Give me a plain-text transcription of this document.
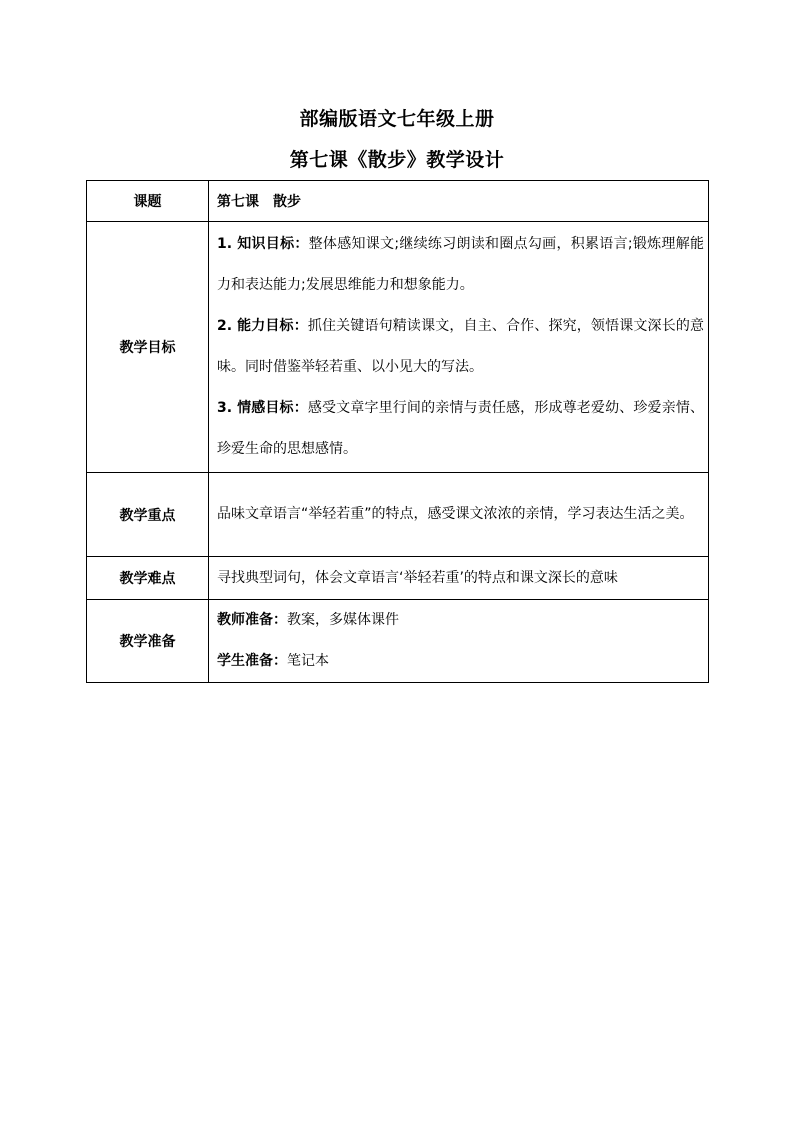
部编版语文七年级上册
第七课《散步》教学设计
课题	第七课　散步
教学目标	1. 知识目标：整体感知课文;继续练习朗读和圈点勾画，积累语言;锻炼理解能力和表达能力;发展思维能力和想象能力。
2. 能力目标：抓住关键语句精读课文，自主、合作、探究，领悟课文深长的意味。同时借鉴举轻若重、以小见大的写法。
3. 情感目标：感受文章字里行间的亲情与责任感，形成尊老爱幼、珍爱亲情、珍爱生命的思想感情。

教学重点	品味文章语言“举轻若重”的特点，感受课文浓浓的亲情，学习表达生活之美。

教学难点	寻找典型词句，体会文章语言‘举轻若重’的特点和课文深长的意味

教学准备	教师准备：教案，多媒体课件
学生准备：笔记本
